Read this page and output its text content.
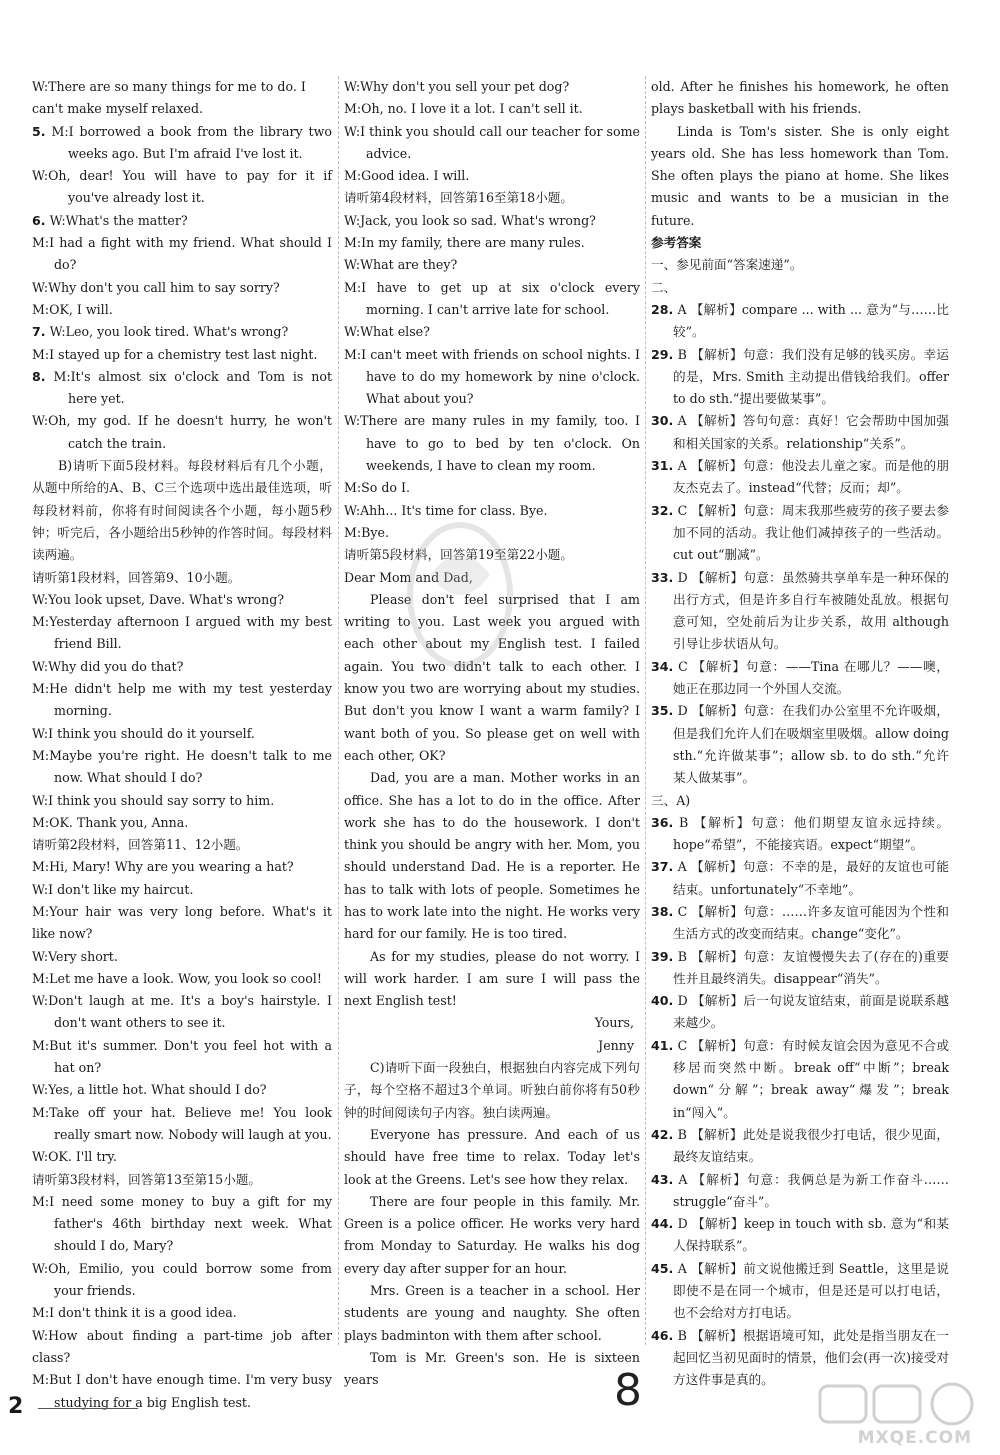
W:There are so many things for me to do. I

can't make myself relaxed.

5. M:I borrowed a book from the library two weeks ago. But I'm afraid I've lost it.

W:Oh, dear! You will have to pay for it if you've already lost it.

6. W:What's the matter?

M:I had a fight with my friend. What should I do?

W:Why don't you call him to say sorry?

M:OK, I will.

7. W:Leo, you look tired. What's wrong?

M:I stayed up for a chemistry test last night.

8. M:It's almost six o'clock and Tom is not here yet.

W:Oh, my god. If he doesn't hurry, he won't catch the train.

B)请听下面5段材料。每段材料后有几个小题，从题中所给的A、B、C三个选项中选出最佳选项，听每段材料前，你将有时间阅读各个小题，每小题5秒钟；听完后，各小题给出5秒钟的作答时间。每段材料读两遍。

请听第1段材料，回答第9、10小题。

W:You look upset, Dave. What's wrong?

M:Yesterday afternoon I argued with my best friend Bill.

W:Why did you do that?

M:He didn't help me with my test yesterday morning.

W:I think you should do it yourself.

M:Maybe you're right. He doesn't talk to me now. What should I do?

W:I think you should say sorry to him.

M:OK. Thank you, Anna.

请听第2段材料，回答第11、12小题。

M:Hi, Mary! Why are you wearing a hat?

W:I don't like my haircut.

M:Your hair was very long before. What's it like now?

W:Very short.

M:Let me have a look. Wow, you look so cool!

W:Don't laugh at me. It's a boy's hairstyle. I don't want others to see it.

M:But it's summer. Don't you feel hot with a hat on?

W:Yes, a little hot. What should I do?

M:Take off your hat. Believe me! You look really smart now. Nobody will laugh at you.

W:OK. I'll try.

请听第3段材料，回答第13至第15小题。

M:I need some money to buy a gift for my father's 46th birthday next week. What should I do, Mary?

W:Oh, Emilio, you could borrow some from your friends.

M:I don't think it is a good idea.

W:How about finding a part-time job after class?

M:But I don't have enough time. I'm very busy studying for a big English test.

W:Why don't you sell your pet dog?

M:Oh, no. I love it a lot. I can't sell it.

W:I think you should call our teacher for some advice.

M:Good idea. I will.

请听第4段材料，回答第16至第18小题。

W:Jack, you look so sad. What's wrong?

M:In my family, there are many rules.

W:What are they?

M:I have to get up at six o'clock every morning. I can't arrive late for school.

W:What else?

M:I can't meet with friends on school nights. I have to do my homework by nine o'clock. What about you?

W:There are many rules in my family, too. I have to go to bed by ten o'clock. On weekends, I have to clean my room.

M:So do I.

W:Ahh... It's time for class. Bye.

M:Bye.

请听第5段材料，回答第19至第22小题。

Dear Mom and Dad,

Please don't feel surprised that I am writing to you. Last week you argued with each other about my English test. I failed again. You two didn't talk to each other. I know you two are worrying about my studies. But don't you know I want a warm family? I want both of you. So please get on well with each other, OK?

Dad, you are a man. Mother works in an office. She has a lot to do in the office. After work she has to do the housework. I don't think you should be angry with her. Mom, you should understand Dad. He is a reporter. He has to talk with lots of people. Sometimes he has to work late into the night. He works very hard for our family. He is too tired.

As for my studies, please do not worry. I will work harder. I am sure I will pass the next English test!

Yours,

Jenny

C)请听下面一段独白，根据独白内容完成下列句子，每个空格不超过3个单词。听独白前你将有50秒钟的时间阅读句子内容。独白读两遍。

Everyone has pressure. And each of us should have free time to relax. Today let's look at the Greens. Let's see how they relax.

There are four people in this family. Mr. Green is a police officer. He works very hard from Monday to Saturday. He walks his dog every day after supper for an hour.

Mrs. Green is a teacher in a school. Her students are young and naughty. She often plays badminton with them after school.

Tom is Mr. Green's son. He is sixteen years

old. After he finishes his homework, he often plays basketball with his friends.

Linda is Tom's sister. She is only eight years old. She has less homework than Tom. She often plays the piano at home. She likes music and wants to be a musician in the future.

参考答案

一、参见前面“答案速递”。

二、

28. A 【解析】compare ... with ... 意为“与……比较”。

29. B 【解析】句意：我们没有足够的钱买房。幸运的是，Mrs. Smith 主动提出借钱给我们。offer to do sth.“提出要做某事”。

30. A 【解析】答句句意：真好！它会帮助中国加强和相关国家的关系。relationship“关系”。

31. A 【解析】句意：他没去儿童之家。而是他的朋友杰克去了。instead“代替；反而；却”。

32. C 【解析】句意：周末我那些疲劳的孩子要去参加不同的活动。我让他们减掉孩子的一些活动。cut out“删减”。

33. D 【解析】句意：虽然骑共享单车是一种环保的出行方式，但是许多自行车被随处乱放。根据句意可知，空处前后为让步关系，故用 although 引导让步状语从句。

34. C 【解析】句意：——Tina 在哪儿？——噢，她正在那边同一个外国人交流。

35. D 【解析】句意：在我们办公室里不允许吸烟，但是我们允许人们在吸烟室里吸烟。allow doing sth.“允许做某事”；allow sb. to do sth.“允许某人做某事”。

三、A)

36. B 【解析】句意：他们期望友谊永远持续。hope“希望”，不能接宾语。expect“期望”。

37. A 【解析】句意：不幸的是，最好的友谊也可能结束。unfortunately“不幸地”。

38. C 【解析】句意：……许多友谊可能因为个性和生活方式的改变而结束。change“变化”。

39. B 【解析】句意：友谊慢慢失去了(存在的)重要性并且最终消失。disappear“消失”。

40. D 【解析】后一句说友谊结束，前面是说联系越来越少。

41. C 【解析】句意：有时候友谊会因为意见不合或移居而突然中断。break off“中断”；break down“分解”；break away“爆发”；break in“闯入”。

42. B 【解析】此处是说我很少打电话，很少见面，最终友谊结束。

43. A 【解析】句意：我俩总是为新工作奋斗……struggle“奋斗”。

44. D 【解析】keep in touch with sb. 意为“和某人保持联系”。

45. A 【解析】前文说他搬迁到 Seattle，这里是说即使不是在同一个城市，但是还是可以打电话，也不会给对方打电话。

46. B 【解析】根据语境可知，此处是指当朋友在一起回忆当初见面时的情景，他们会(再一次)接受对方这件事是真的。

2	8
MXQE.COM
